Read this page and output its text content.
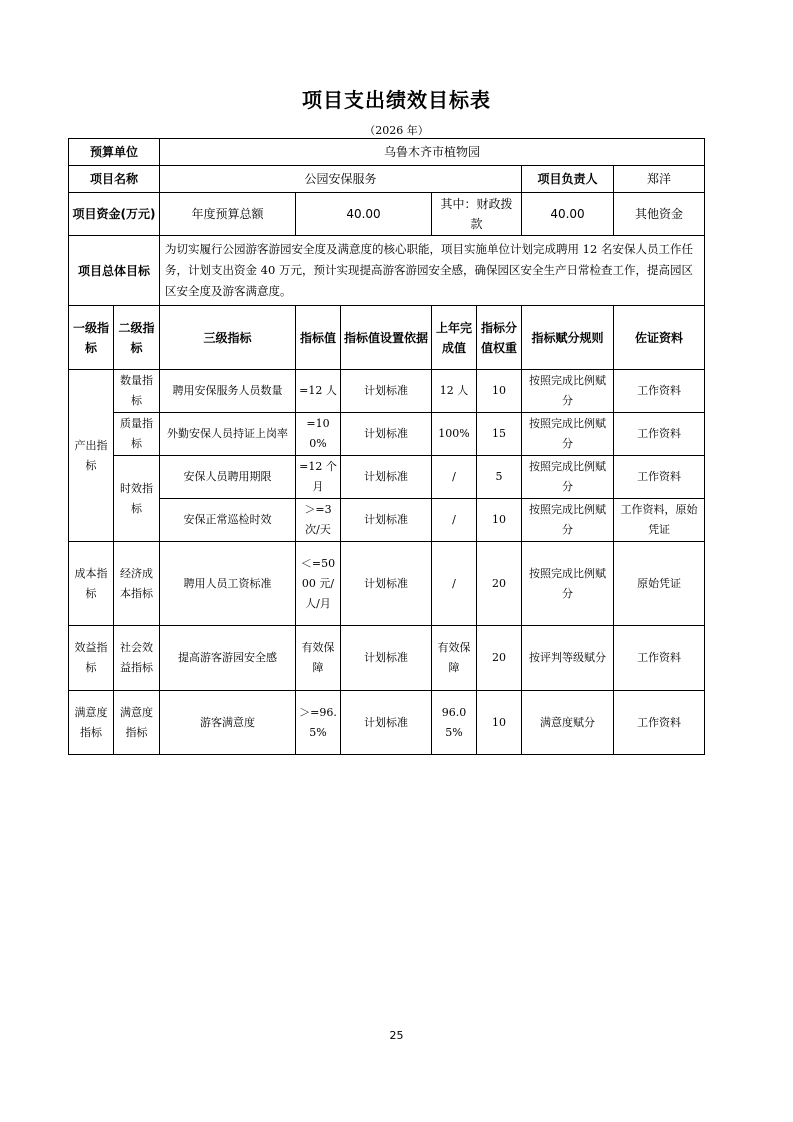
项目支出绩效目标表
（2026 年）
预算单位		乌鲁木齐市植物园						
项目名称		公园安保服务					项目负责人	郑洋
项目资金(万元)		年度预算总额	40.00		其中：财政拨款		40.00	其他资金
项目总体目标		为切实履行公园游客游园安全度及满意度的核心职能，项目实施单位计划完成聘用 12 名安保人员工作任务，计划支出资金 40 万元，预计实现提高游客游园安全感，确保园区安全生产日常检查工作，提高园区区安全度及游客满意度。						
一级指标	二级指标	三级指标	指标值	指标值设置依据	上年完成值	指标分值权重	指标赋分规则	佐证资料
产出指标	数量指标	聘用安保服务人员数量	=12 人	计划标准	12 人	10	按照完成比例赋分	工作资料
	质量指标	外勤安保人员持证上岗率	=100%	计划标准	100%	15	按照完成比例赋分	工作资料
	时效指标	安保人员聘用期限	=12 个月	计划标准	/	5	按照完成比例赋分	工作资料
		安保正常巡检时效	＞=3 次/天	计划标准	/	10	按照完成比例赋分	工作资料，原始凭证
成本指标	经济成本指标	聘用人员工资标准	＜=5000 元/人/月	计划标准	/	20	按照完成比例赋分	原始凭证
效益指标	社会效益指标	提高游客游园安全感	有效保障	计划标准	有效保障	20	按评判等级赋分	工作资料
满意度指标	满意度指标	游客满意度	＞=96.5%	计划标准	96.05%	10	满意度赋分	工作资料
25
